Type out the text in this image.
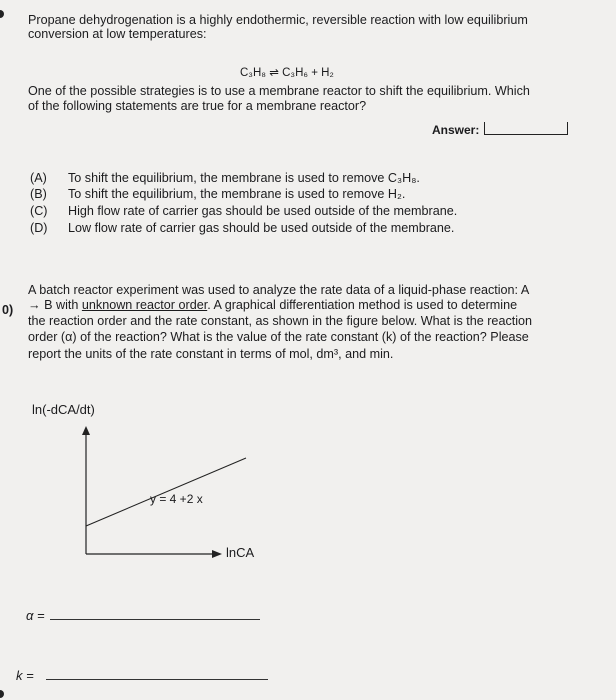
Propane dehydrogenation is a highly endothermic, reversible reaction with low equilibrium
conversion at low temperatures:
C₃H₈ ⇌ C₃H₆ + H₂
One of the possible strategies is to use a membrane reactor to shift the equilibrium. Which
of the following statements are true for a membrane reactor?
Answer:
(A) To shift the equilibrium, the membrane is used to remove C₃H₈.
(B) To shift the equilibrium, the membrane is used to remove H₂.
(C) High flow rate of carrier gas should be used outside of the membrane.
(D) Low flow rate of carrier gas should be used outside of the membrane.
0)
A batch reactor experiment was used to analyze the rate data of a liquid-phase reaction: A
→ B with unknown reactor order. A graphical differentiation method is used to determine
the reaction order and the rate constant, as shown in the figure below. What is the reaction
order (α) of the reaction? What is the value of the rate constant (k) of the reaction? Please
report the units of the rate constant in terms of mol, dm³, and min.
ln(-dCA/dt)
y = 4 +2 x
lnCA
α =
k =
